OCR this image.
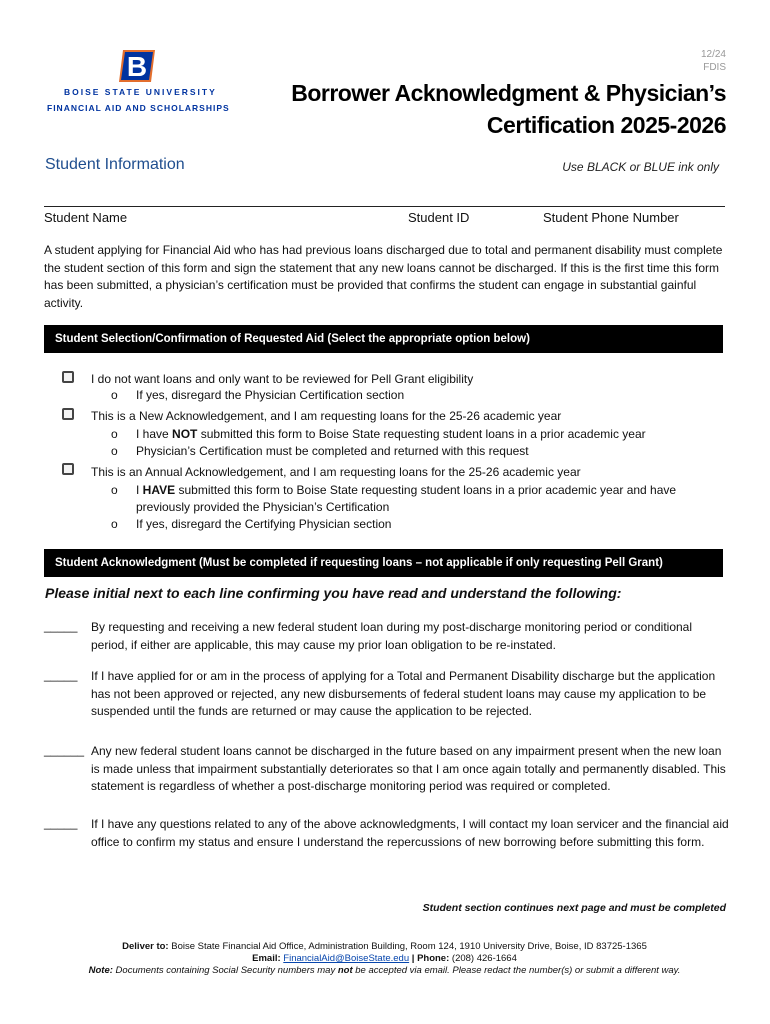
B
BOISE STATE UNIVERSITY
FINANCIAL AID AND SCHOLARSHIPS
12/24
FDIS
Borrower Acknowledgment & Physician’s
Certification 2025-2026
Student Information	Use BLACK or BLUE ink only
Student Name	Student ID	Student Phone Number
A student applying for Financial Aid who has had previous loans discharged due to total and permanent disability must complete the student section of this form and sign the statement that any new loans cannot be discharged. If this is the first time this form has been submitted, a physician’s certification must be provided that confirms the student can engage in substantial gainful activity.
Student Selection/Confirmation of Requested Aid (Select the appropriate option below)
I do not want loans and only want to be reviewed for Pell Grant eligibility
o If yes, disregard the Physician Certification section
This is a New Acknowledgement, and I am requesting loans for the 25-26 academic year
o I have NOT submitted this form to Boise State requesting student loans in a prior academic year
o Physician’s Certification must be completed and returned with this request
This is an Annual Acknowledgement, and I am requesting loans for the 25-26 academic year
o I HAVE submitted this form to Boise State requesting student loans in a prior academic year and have previously provided the Physician’s Certification
o If yes, disregard the Certifying Physician section
Student Acknowledgment (Must be completed if requesting loans – not applicable if only requesting Pell Grant)
Please initial next to each line confirming you have read and understand the following:
_____ By requesting and receiving a new federal student loan during my post-discharge monitoring period or conditional period, if either are applicable, this may cause my prior loan obligation to be re-instated.
_____ If I have applied for or am in the process of applying for a Total and Permanent Disability discharge but the application has not been approved or rejected, any new disbursements of federal student loans may cause my application to be suspended until the funds are returned or may cause the application to be rejected.
______ Any new federal student loans cannot be discharged in the future based on any impairment present when the new loan is made unless that impairment substantially deteriorates so that I am once again totally and permanently disabled. This statement is regardless of whether a post-discharge monitoring period was required or completed.
_____ If I have any questions related to any of the above acknowledgments, I will contact my loan servicer and the financial aid office to confirm my status and ensure I understand the repercussions of new borrowing before submitting this form.
Student section continues next page and must be completed
Deliver to: Boise State Financial Aid Office, Administration Building, Room 124, 1910 University Drive, Boise, ID 83725-1365
Email: FinancialAid@BoiseState.edu | Phone: (208) 426-1664
Note: Documents containing Social Security numbers may not be accepted via email. Please redact the number(s) or submit a different way.
